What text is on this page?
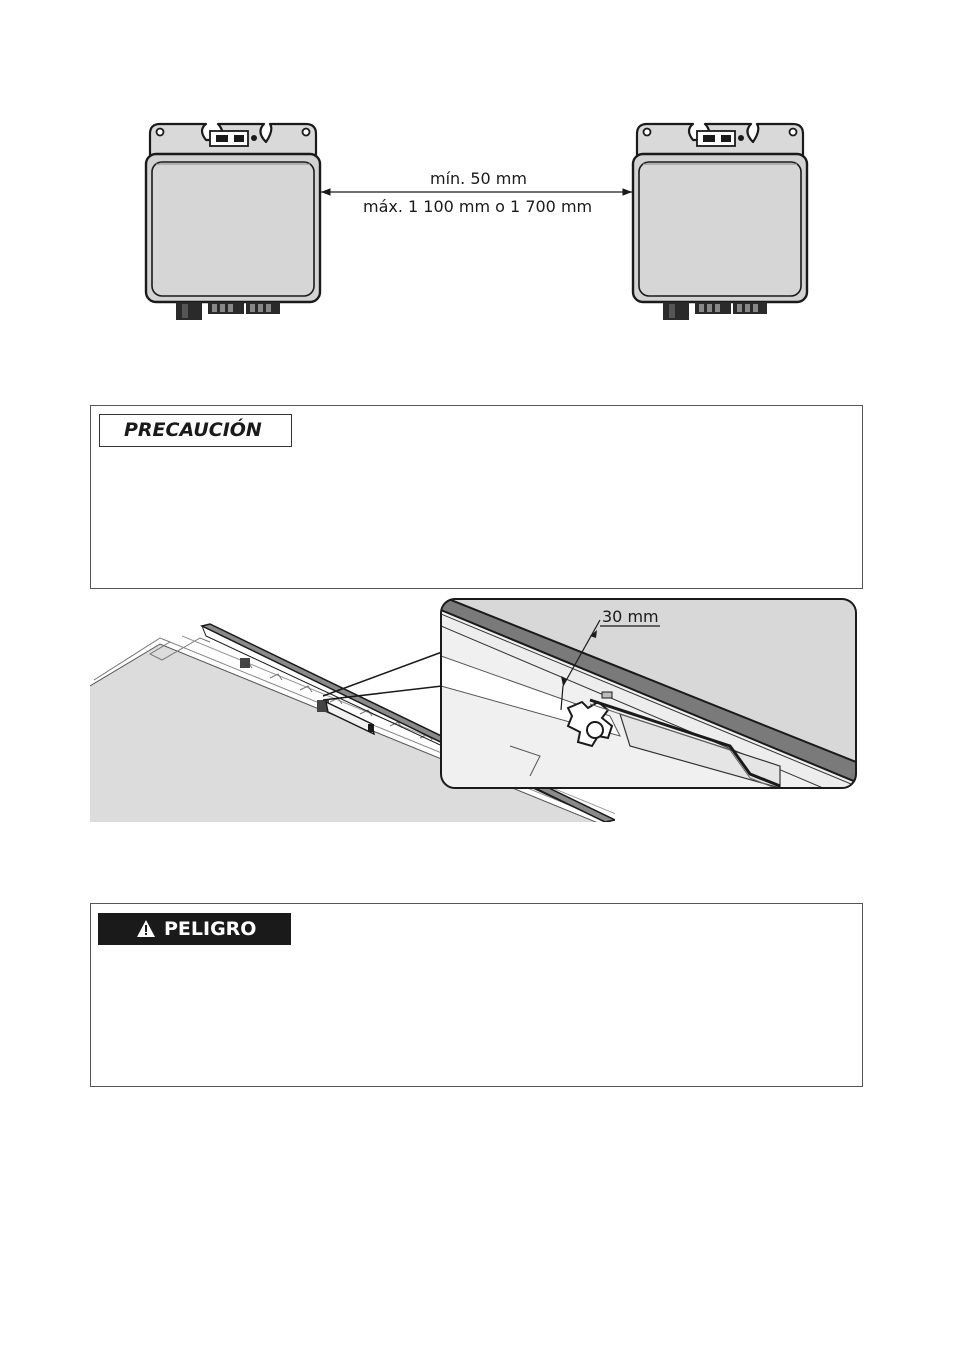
mín. 50 mm
máx. 1 100 mm o 1 700 mm
PRECAUCIÓN
30 mm
PELIGRO
